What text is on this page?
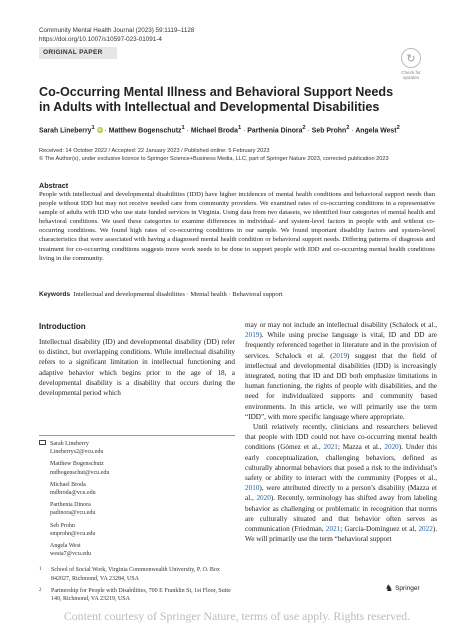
Community Mental Health Journal (2023) 59:1119–1128
https://doi.org/10.1007/s10597-023-01091-4
ORIGINAL PAPER	↻
Check for updates
Co-Occurring Mental Illness and Behavioral Support Needs in Adults with Intellectual and Developmental Disabilities
Sarah Lineberry$^1$ iD · Matthew Bogenschutz$^1$ · Michael Broda$^1$ · Parthenia Dinora$^2$ · Seb Prohn$^2$ · Angela West$^2$
Received: 14 October 2022 / Accepted: 22 January 2023 / Published online: 5 February 2023
© The Author(s), under exclusive licence to Springer Science+Business Media, LLC, part of Springer Nature 2023, corrected publication 2023
Abstract
People with intellectual and developmental disabilities (IDD) have higher incidences of mental health conditions and behavioral support needs than people without IDD but may not receive needed care from community providers. We examined rates of co-occurring conditions in a representative sample of adults with IDD who use state funded services in Virginia. Using data from two datasets, we identified four categories of mental health and behavioral conditions. We used these categories to examine differences in individual- and system-level factors in people with and without co-occurring conditions. We found high rates of co-occurring conditions in our sample. We found important disability factors and system-level characteristics that were associated with having a diagnosed mental health condition or behavioral support needs. Differing patterns of diagnosis and treatment for co-occurring conditions suggests more work needs to be done to support people with IDD and co-occurring mental health conditions living in the community.
Keywords Intellectual and developmental disabilities · Mental health · Behavioral support
Introduction

Intellectual disability (ID) and developmental disability (DD) refer to distinct, but overlapping conditions. While intellectual disability refers to a significant limitation in intellectual functioning and adaptive behavior which begins prior to the age of 18, a developmental disability is a disability that occurs during the developmental period which

may or may not include an intellectual disability (Schalock et al., 2019). While using precise language is vital, ID and DD are frequently referenced together in literature and in the provision of services. Schalock et al. (2019) suggest that the field of intellectual and developmental disabilities (IDD) is increasingly integrated, noting that ID and DD both emphasize limitations in human functioning, the rights of people with disabilities, and the need for individualized supports and community based environments. In this article, we will primarily use the term “IDD”, with more specific language where appropriate.

Until relatively recently, clinicians and researchers believed that people with IDD could not have co-occurring mental health conditions (Gómez et al., 2021; Mazza et al., 2020). Under this early conceptualization, challenging behaviors, defined as culturally abnormal behaviors that posed a risk to the individual’s safety or ability to interact with the community (Poppes et al., 2010), were attributed directly to a person’s disability (Mazza et al., 2020). Recently, terminology has shifted away from labeling behavior as challenging or problematic in recognition that norms are culturally situated and that behavior often serves as communication (Friedman, 2021; García-Domínguez et al, 2022). We will primarily use the term “behavioral support

Sarah Lineberry
Lineberrys2@vcu.edu
Matthew Bogenschutz
mdbogenschut@vcu.edu
Michael Broda
mdbroda@vcu.edu
Parthenia Dinora
padinora@vcu.edu
Seb Prohn
smprohn@vcu.edu
Angela West
westa7@vcu.edu
1	School of Social Work, Virginia Commonwealth University, P. O. Box 842027, Richmond, VA 23284, USA
2	Partnership for People with Disabilities, 700 E Franklin St, 1st Floor, Suite 140, Richmond, VA 23219, USA
♞ Springer
Content courtesy of Springer Nature, terms of use apply. Rights reserved.
